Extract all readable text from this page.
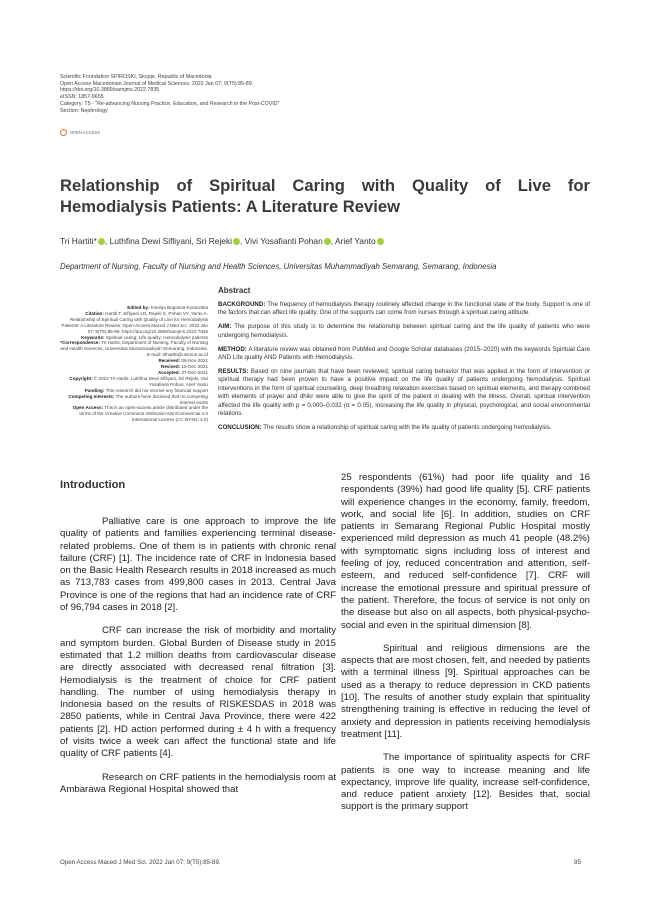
Scientific Foundation SPIROSKI, Skopje, Republic of Macedonia
Open Access Macedonian Journal of Medical Sciences. 2022 Jan 07; 9(T5):85-89.
https://doi.org/10.3889/oamjms.2022.7835
eISSN: 1857-9655
Category: T5 - "Re-advancing Nursing Practice, Education, and Research in the Post-COVID"
Section: Nephrology
OPEN ACCESS
Relationship of Spiritual Caring with Quality of Live for Hemodialysis Patients: A Literature Review
Tri Hartiti* , Luthfina Dewi Sifliyani, Sri Rejeki , Vivi Yosafianti Pohan , Arief Yanto
Department of Nursing, Faculty of Nursing and Health Sciences, Universitas Muhammadiyah Semarang, Semarang, Indonesia
Edited by: Ksenija Bogoeva-Kostovska
Citation: Hartiti T, Sifliyani LD, Rejeki S, Pohan VY, Yanto A. Relationship of Spiritual Caring with Quality of Live for Hemodialysis Patients: A Literature Review. Open-Access Maced J Med Sci. 2022 Jan 07; 9(T5):85-89. https://doi.org/10.3889/oamjms.2022.7835
Keywords: Spiritual caring; Life quality; Hemodialysis patients
*Correspondence: Tri Hartiti, Department of Nursing, Faculty of Nursing and Health Sciences, Universitas Muhammadiyah Semarang, Indonesia. E-mail: trihartiti@unimus.ac.id
Received: 06-Nov-2021
Revised: 15-Dec-2021
Accepted: 27-Dec-2021
Copyright: © 2022 Tri Hartiti, Luthfina Dewi Sifliyani, Sri Rejeki, Vivi Yosafianti Pohan, Arief Yanto
Funding: This research did not receive any financial support
Competing Interests: The authors have declared that no competing interest exists
Open Access: This is an open-access article distributed under the terms of the Creative Commons Attribution-NonCommercial 4.0 International License (CC BY-NC 4.0)
Abstract

BACKGROUND: The frequency of hemodialysis therapy routinely affected change in the functional state of the body. Support is one of the factors that can affect life quality. One of the supports can come from nurses through a spiritual caring attitude.

AIM: The purpose of this study is to determine the relationship between spiritual caring and the life quality of patients who were undergoing hemodialysis.

METHOD: A literature review was obtained from PubMed and Google Scholar databases (2015–2020) with the keywords Spiritual Care AND Life quality AND Patients with Hemodialysis.

RESULTS: Based on nine journals that have been reviewed, spiritual caring behavior that was applied in the form of intervention or spiritual therapy had been proven to have a positive impact on the life quality of patients undergoing hemodialysis. Spiritual interventions in the form of spiritual counseling, deep breathing relaxation exercises based on spiritual elements, and therapy combined with elements of prayer and dhikr were able to give the spirit of the patient in dealing with the illness. Overall, spiritual intervention affected the life quality with p = 0.000–0.032 (α = 0.05), increasing the life quality in physical, psychological, and social environmental relations.

CONCLUSION: The results show a relationship of spiritual caring with the life quality of patients undergoing hemodialysis.

Introduction

Palliative care is one approach to improve the life quality of patients and families experiencing terminal disease-related problems. One of them is in patients with chronic renal failure (CRF) [1]. The incidence rate of CRF in Indonesia based on the Basic Health Research results in 2018 increased as much as 713,783 cases from 499,800 cases in 2013. Central Java Province is one of the regions that had an incidence rate of CRF of 96,794 cases in 2018 [2].

CRF can increase the risk of morbidity and mortality and symptom burden. Global Burden of Disease study in 2015 estimated that 1.2 million deaths from cardiovascular disease are directly associated with decreased renal filtration [3]. Hemodialysis is the treatment of choice for CRF patient handling. The number of using hemodialysis therapy in Indonesia based on the results of RISKESDAS in 2018 was 2850 patients, while in Central Java Province, there were 422 patients [2]. HD action performed during ± 4 h with a frequency of visits twice a week can affect the functional state and life quality of CRF patients [4].

Research on CRF patients in the hemodialysis room at Ambarawa Regional Hospital showed that

25 respondents (61%) had poor life quality and 16 respondents (39%) had good life quality [5]. CRF patients will experience changes in the economy, family, freedom, work, and social life [6]. In addition, studies on CRF patients in Semarang Regional Public Hospital mostly experienced mild depression as much 41 people (48.2%) with symptomatic signs including loss of interest and feeling of joy, reduced concentration and attention, self-esteem, and reduced self-confidence [7]. CRF will increase the emotional pressure and spiritual pressure of the patient. Therefore, the focus of service is not only on the disease but also on all aspects, both physical-psycho-social and even in the spiritual dimension [8].

Spiritual and religious dimensions are the aspects that are most chosen, felt, and needed by patients with a terminal illness [9]. Spiritual approaches can be used as a therapy to reduce depression in CKD patients [10]. The results of another study explain that spirituality strengthening training is effective in reducing the level of anxiety and depression in patients receiving hemodialysis treatment [11].

The importance of spirituality aspects for CRF patients is one way to increase meaning and life expectancy, improve life quality, increase self-confidence, and reduce patient anxiety [12]. Besides that, social support is the primary support

Open Access Maced J Med Sci. 2022 Jan 07; 9(T5):85-89.	85
